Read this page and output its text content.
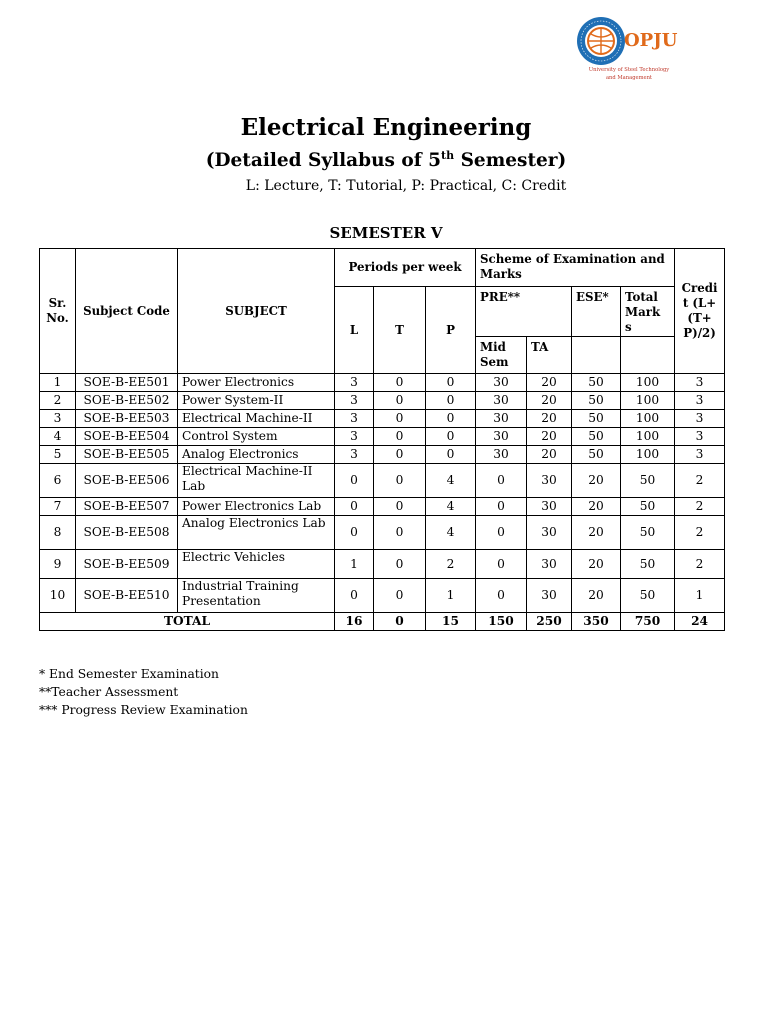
OPJU
University of Steel Technology
and Management
Electrical Engineering
(Detailed Syllabus of 5th Semester)
L: Lecture, T: Tutorial, P: Practical, C: Credit
SEMESTER V
Sr. No.	Subject Code	SUBJECT	Periods per week			Scheme of Examination and Marks				Credi t (L+ (T+ P)/2)
			L	T	P	PRE**		ESE*	Total Mark s	
						Mid Sem	TA			
1	SOE-B-EE501	Power Electronics	3	0	0	30	20	50	100	3
2	SOE-B-EE502	Power System-II	3	0	0	30	20	50	100	3
3	SOE-B-EE503	Electrical Machine-II	3	0	0	30	20	50	100	3
4	SOE-B-EE504	Control System	3	0	0	30	20	50	100	3
5	SOE-B-EE505	Analog Electronics	3	0	0	30	20	50	100	3
6	SOE-B-EE506	Electrical Machine-II Lab	0	0	4	0	30	20	50	2
7	SOE-B-EE507	Power Electronics Lab	0	0	4	0	30	20	50	2
8	SOE-B-EE508	Analog Electronics Lab	0	0	4	0	30	20	50	2
9	SOE-B-EE509	Electric Vehicles	1	0	2	0	30	20	50	2
10	SOE-B-EE510	Industrial Training Presentation	0	0	1	0	30	20	50	1
TOTAL			16	0	15	150	250	350	750	24
* End Semester Examination
**Teacher Assessment
*** Progress Review Examination
